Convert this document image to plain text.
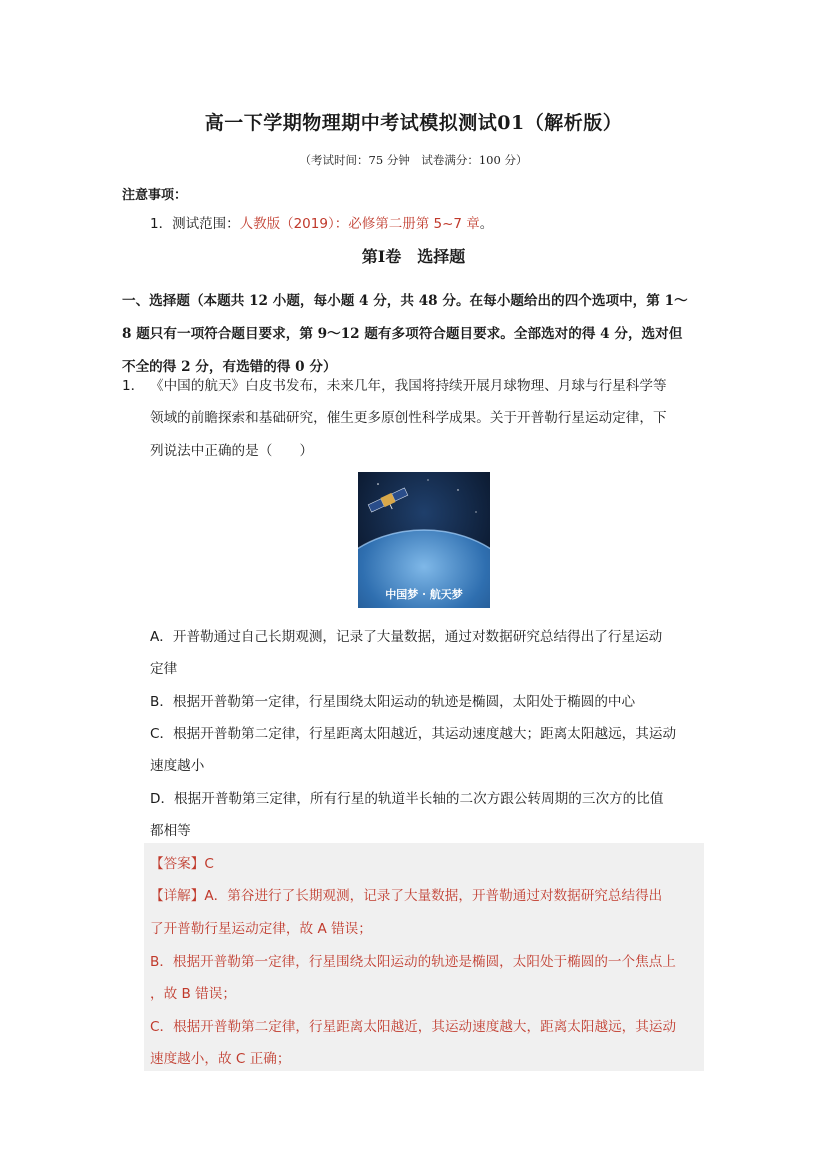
高一下学期物理期中考试模拟测试01（解析版）
（考试时间：75 分钟　试卷满分：100 分）
注意事项：
1．测试范围：人教版（2019）：必修第二册第 5~7 章。
第Ⅰ卷　选择题
一、选择题（本题共 12 小题，每小题 4 分，共 48 分。在每小题给出的四个选项中，第 1～
8 题只有一项符合题目要求，第 9～12 题有多项符合题目要求。全部选对的得 4 分，选对但
不全的得 2 分，有选错的得 0 分）
1． 《中国的航天》白皮书发布，未来几年，我国将持续开展月球物理、月球与行星科学等
领域的前瞻探索和基础研究，催生更多原创性科学成果。关于开普勒行星运动定律，下
列说法中正确的是（　　）
中国梦 · 航天梦
A．开普勒通过自己长期观测，记录了大量数据，通过对数据研究总结得出了行星运动
定律
B．根据开普勒第一定律，行星围绕太阳运动的轨迹是椭圆，太阳处于椭圆的中心
C．根据开普勒第二定律，行星距离太阳越近，其运动速度越大；距离太阳越远，其运动
速度越小
D．根据开普勒第三定律，所有行星的轨道半长轴的二次方跟公转周期的三次方的比值
都相等
【答案】C
【详解】A．第谷进行了长期观测，记录了大量数据，开普勒通过对数据研究总结得出
了开普勒行星运动定律，故 A 错误；
B．根据开普勒第一定律，行星围绕太阳运动的轨迹是椭圆，太阳处于椭圆的一个焦点上
，故 B 错误；
C．根据开普勒第二定律，行星距离太阳越近，其运动速度越大，距离太阳越远，其运动
速度越小，故 C 正确；
